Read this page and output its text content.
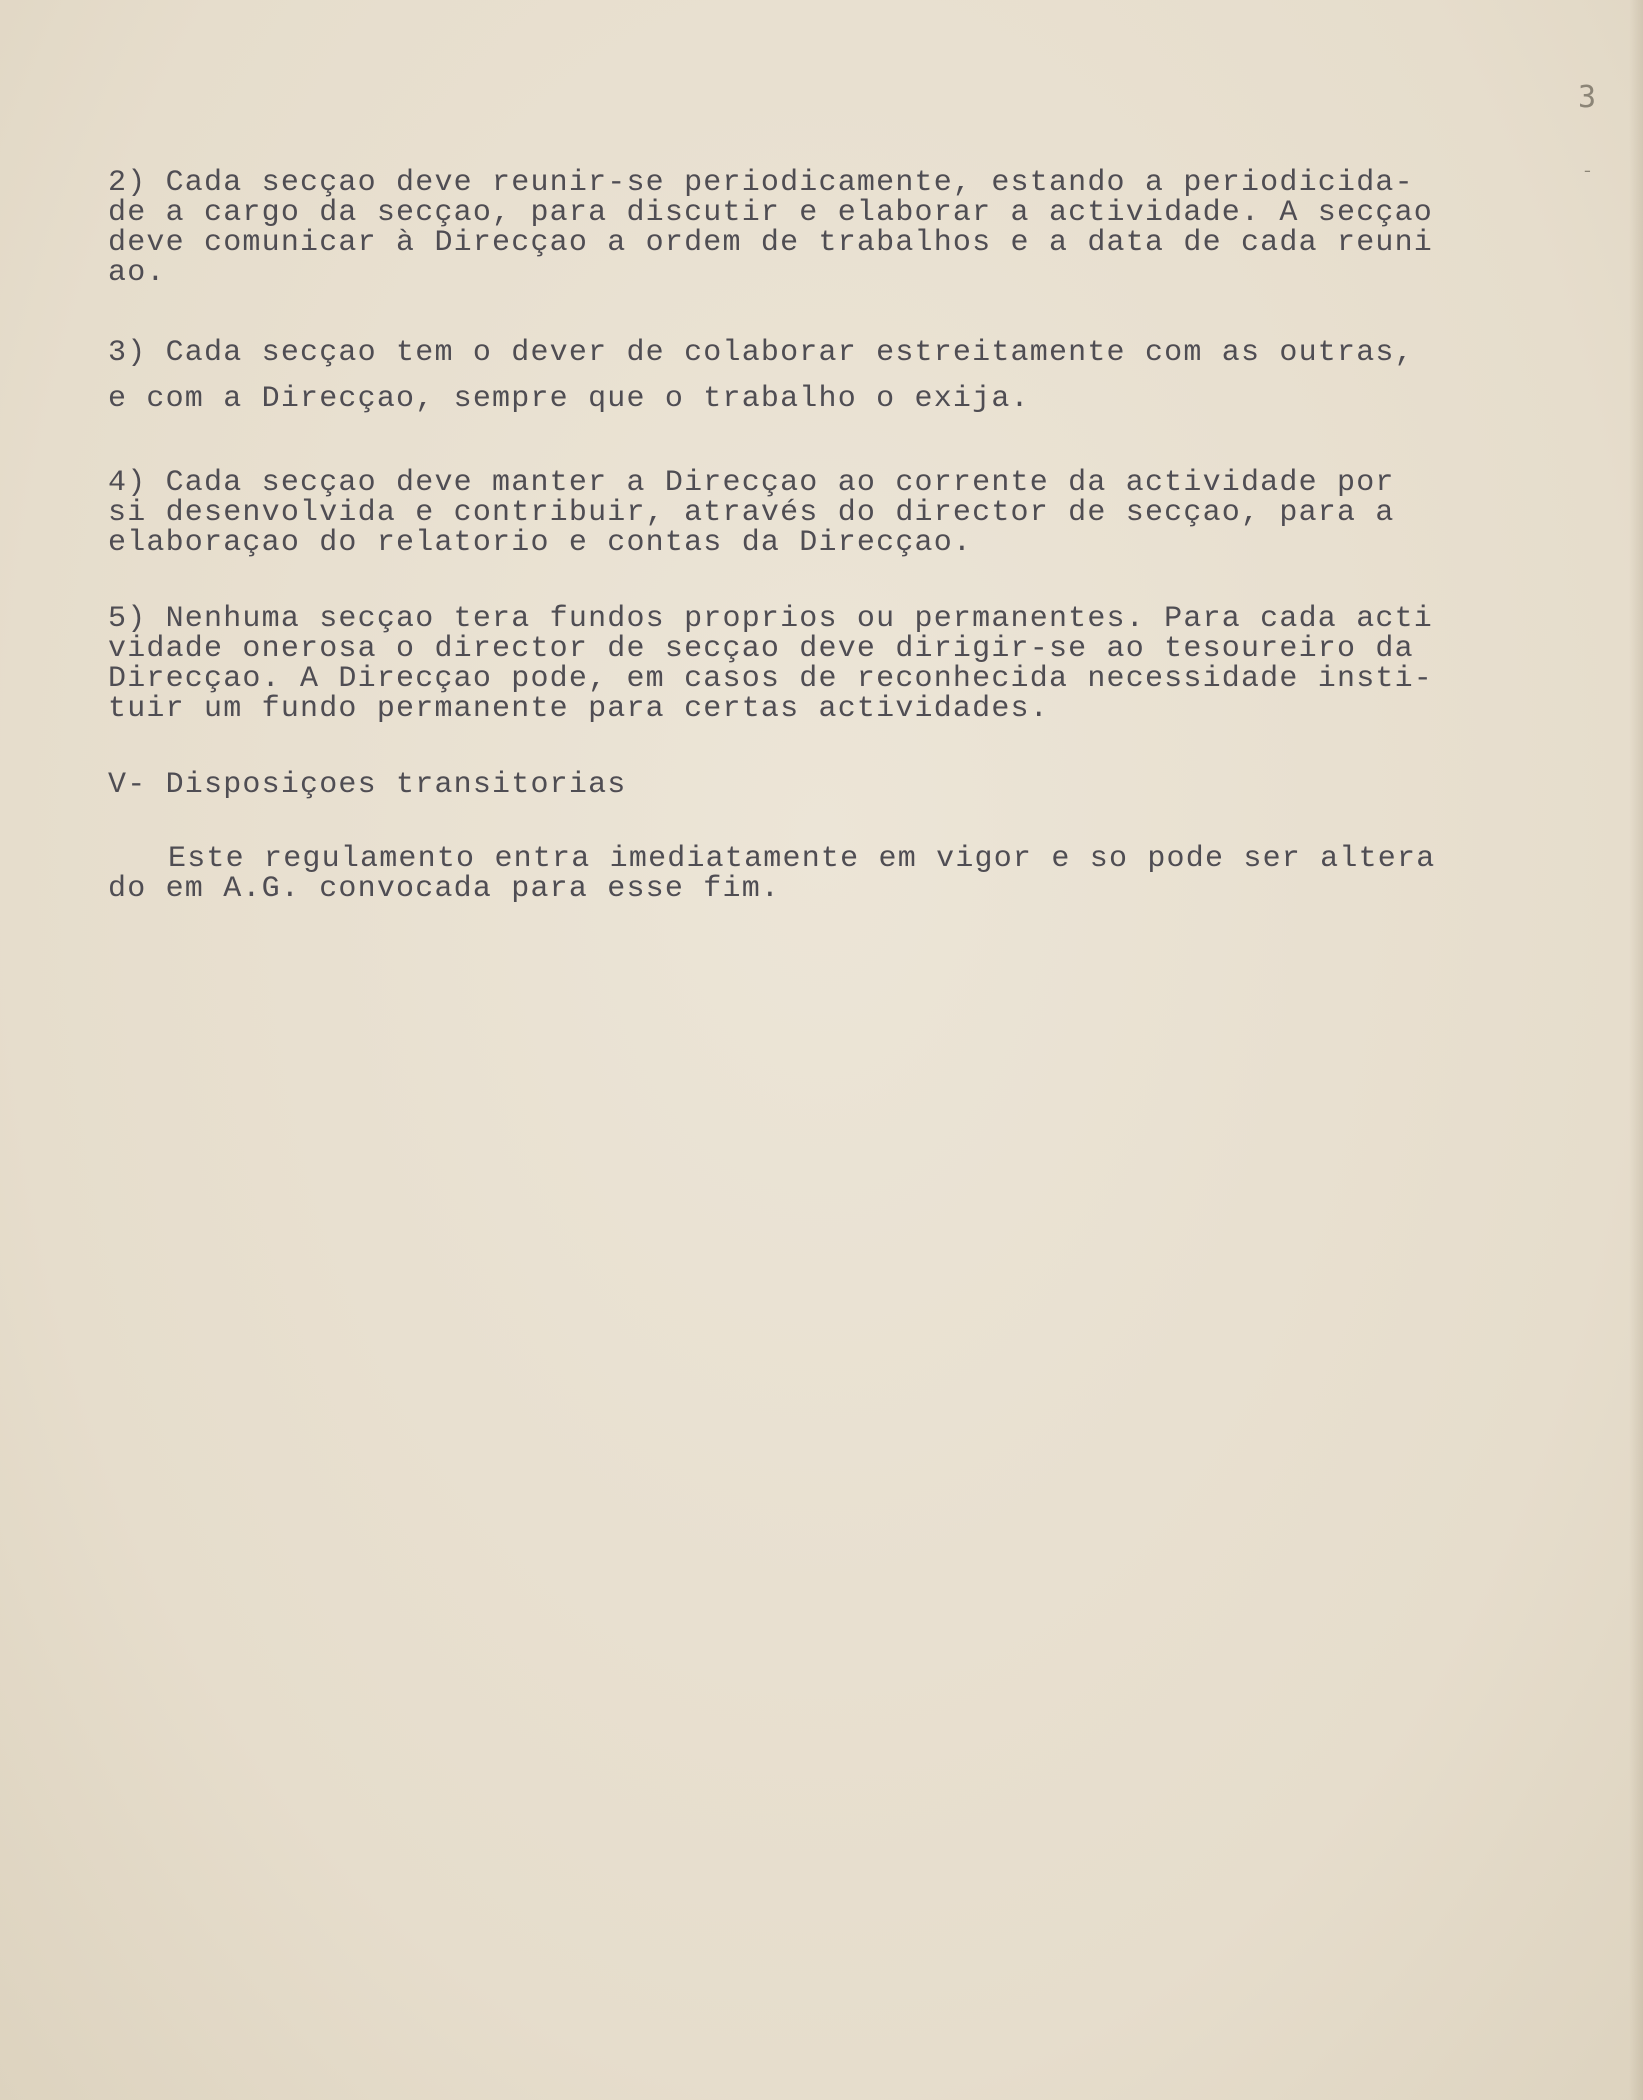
3
¯
2) Cada secçao deve reunir-se periodicamente, estando a periodicida-
de a cargo da secçao, para discutir e elaborar a actividade. A secçao
deve comunicar à Direcçao a ordem de trabalhos e a data de cada reuni
ao.
3) Cada secçao tem o dever de colaborar estreitamente com as outras,
e com a Direcçao, sempre que o trabalho o exija.
4) Cada secçao deve manter a Direcçao ao corrente da actividade por
si desenvolvida e contribuir, através do director de secçao, para a
elaboraçao do relatorio e contas da Direcçao.
5) Nenhuma secçao tera fundos proprios ou permanentes. Para cada acti
vidade onerosa o director de secçao deve dirigir-se ao tesoureiro da
Direcçao. A Direcçao pode, em casos de reconhecida necessidade insti-
tuir um fundo permanente para certas actividades.
V- Disposiçoes transitorias
Este regulamento entra imediatamente em vigor e so pode ser altera
do em A.G. convocada para esse fim.
